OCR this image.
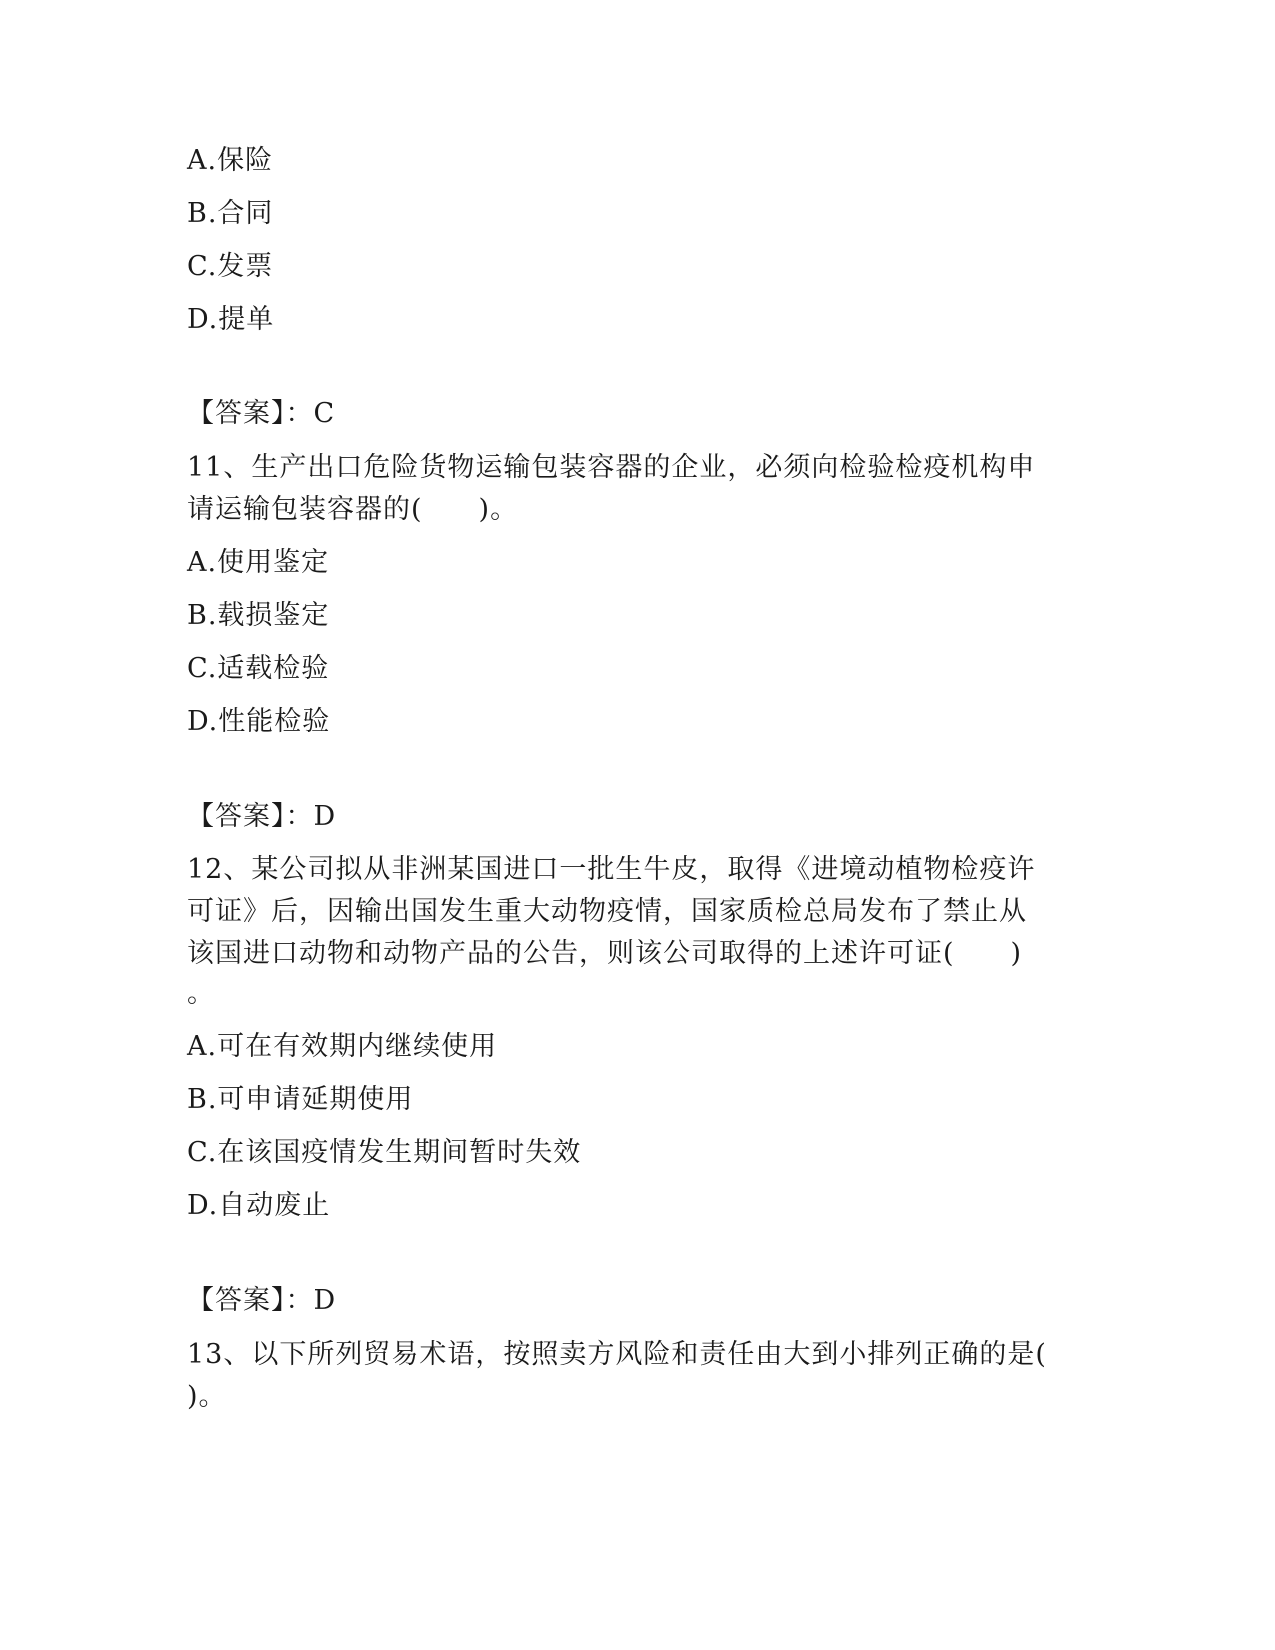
A.保险
B.合同
C.发票
D.提单
【答案】：C
11、生产出口危险货物运输包装容器的企业，必须向检验检疫机构申
请运输包装容器的(　　)。
A.使用鉴定
B.载损鉴定
C.适载检验
D.性能检验
【答案】：D
12、某公司拟从非洲某国进口一批生牛皮，取得《进境动植物检疫许
可证》后，因输出国发生重大动物疫情，国家质检总局发布了禁止从
该国进口动物和动物产品的公告，则该公司取得的上述许可证(　　)
。
A.可在有效期内继续使用
B.可申请延期使用
C.在该国疫情发生期间暂时失效
D.自动废止
【答案】：D
13、以下所列贸易术语，按照卖方风险和责任由大到小排列正确的是(
)。
